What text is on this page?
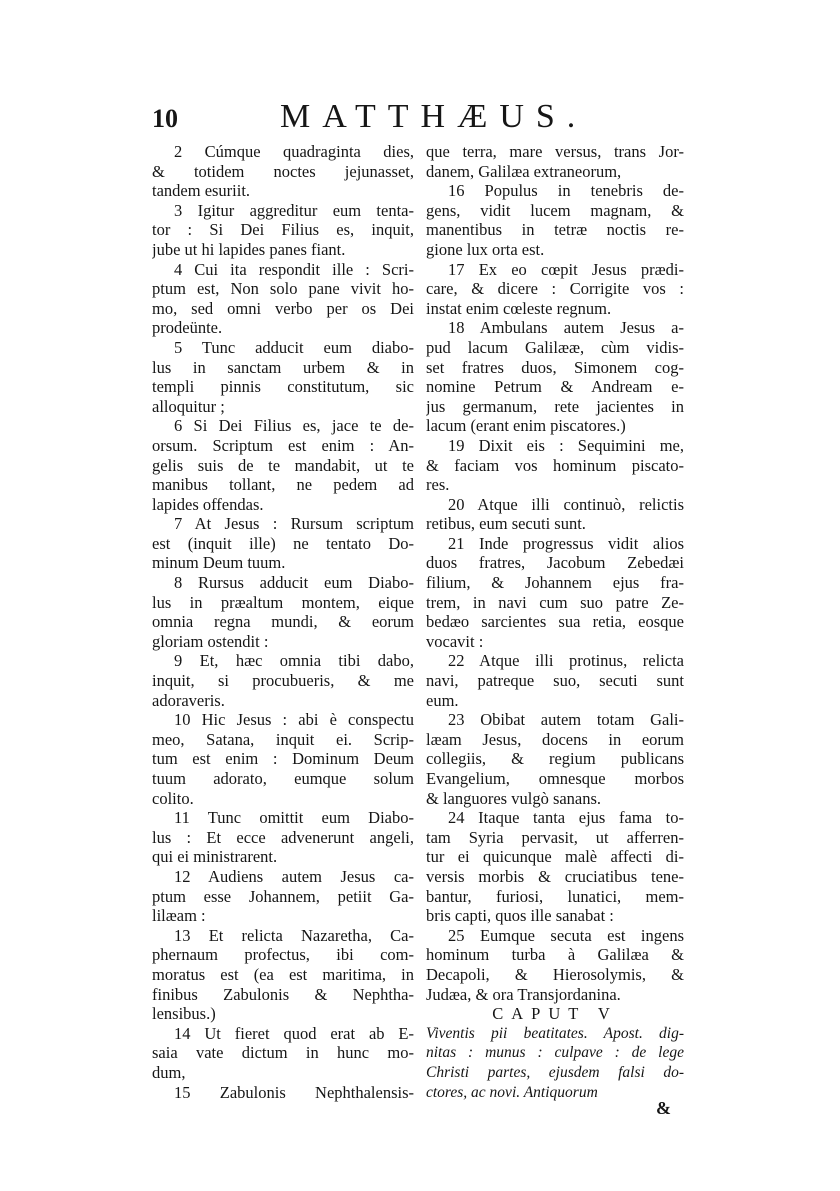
10	MATTHÆUS.
2 Cúmque quadraginta dies,
& totidem noctes jejunasset,
tandem esuriit.
3 Igitur aggreditur eum tenta-
tor : Si Dei Filius es, inquit,
jube ut hi lapides panes fiant.
4 Cui ita respondit ille : Scri-
ptum est, Non solo pane vivit ho-
mo, sed omni verbo per os Dei
prodeünte.
5 Tunc adducit eum diabo-
lus in sanctam urbem & in
templi pinnis constitutum, sic
alloquitur ;
6 Si Dei Filius es, jace te de-
orsum. Scriptum est enim : An-
gelis suis de te mandabit, ut te
manibus tollant, ne pedem ad
lapides offendas.
7 At Jesus : Rursum scriptum
est (inquit ille) ne tentato Do-
minum Deum tuum.
8 Rursus adducit eum Diabo-
lus in præaltum montem, eique
omnia regna mundi, & eorum
gloriam ostendit :
9 Et, hæc omnia tibi dabo,
inquit, si procubueris, & me
adoraveris.
10 Hic Jesus : abi è conspectu
meo, Satana, inquit ei. Scrip-
tum est enim : Dominum Deum
tuum adorato, eumque solum
colito.
11 Tunc omittit eum Diabo-
lus : Et ecce advenerunt angeli,
qui ei ministrarent.
12 Audiens autem Jesus ca-
ptum esse Johannem, petiit Ga-
lilæam :
13 Et relicta Nazaretha, Ca-
phernaum profectus, ibi com-
moratus est (ea est maritima, in
finibus Zabulonis & Nephtha-
lensibus.)
14 Ut fieret quod erat ab E-
saia vate dictum in hunc mo-
dum,
15 Zabulonis Nephthalensis-
que terra, mare versus, trans Jor-
danem, Galilæa extraneorum,
16 Populus in tenebris de-
gens, vidit lucem magnam, &
manentibus in tetræ noctis re-
gione lux orta est.
17 Ex eo cœpit Jesus prædi-
care, & dicere : Corrigite vos :
instat enim cœleste regnum.
18 Ambulans autem Jesus a-
pud lacum Galilææ, cùm vidis-
set fratres duos, Simonem cog-
nomine Petrum & Andream e-
jus germanum, rete jacientes in
lacum (erant enim piscatores.)
19 Dixit eis : Sequimini me,
& faciam vos hominum piscato-
res.
20 Atque illi continuò, relictis
retibus, eum secuti sunt.
21 Inde progressus vidit alios
duos fratres, Jacobum Zebedæi
filium, & Johannem ejus fra-
trem, in navi cum suo patre Ze-
bedæo sarcientes sua retia, eosque
vocavit :
22 Atque illi protinus, relicta
navi, patreque suo, secuti sunt
eum.
23 Obibat autem totam Gali-
læam Jesus, docens in eorum
collegiis, & regium publicans
Evangelium, omnesque morbos
& languores vulgò sanans.
24 Itaque tanta ejus fama to-
tam Syria pervasit, ut afferren-
tur ei quicunque malè affecti di-
versis morbis & cruciatibus tene-
bantur, furiosi, lunatici, mem-
bris capti, quos ille sanabat :
25 Eumque secuta est ingens
hominum turba à Galilæa &
Decapoli, & Hierosolymis, &
Judæa, & ora Transjordanina.
CAPUT V
Viventis pii beatitates. Apost. dig-
nitas : munus : culpave : de lege
Christi partes, ejusdem falsi do-
ctores, ac novi. Antiquorum
&
